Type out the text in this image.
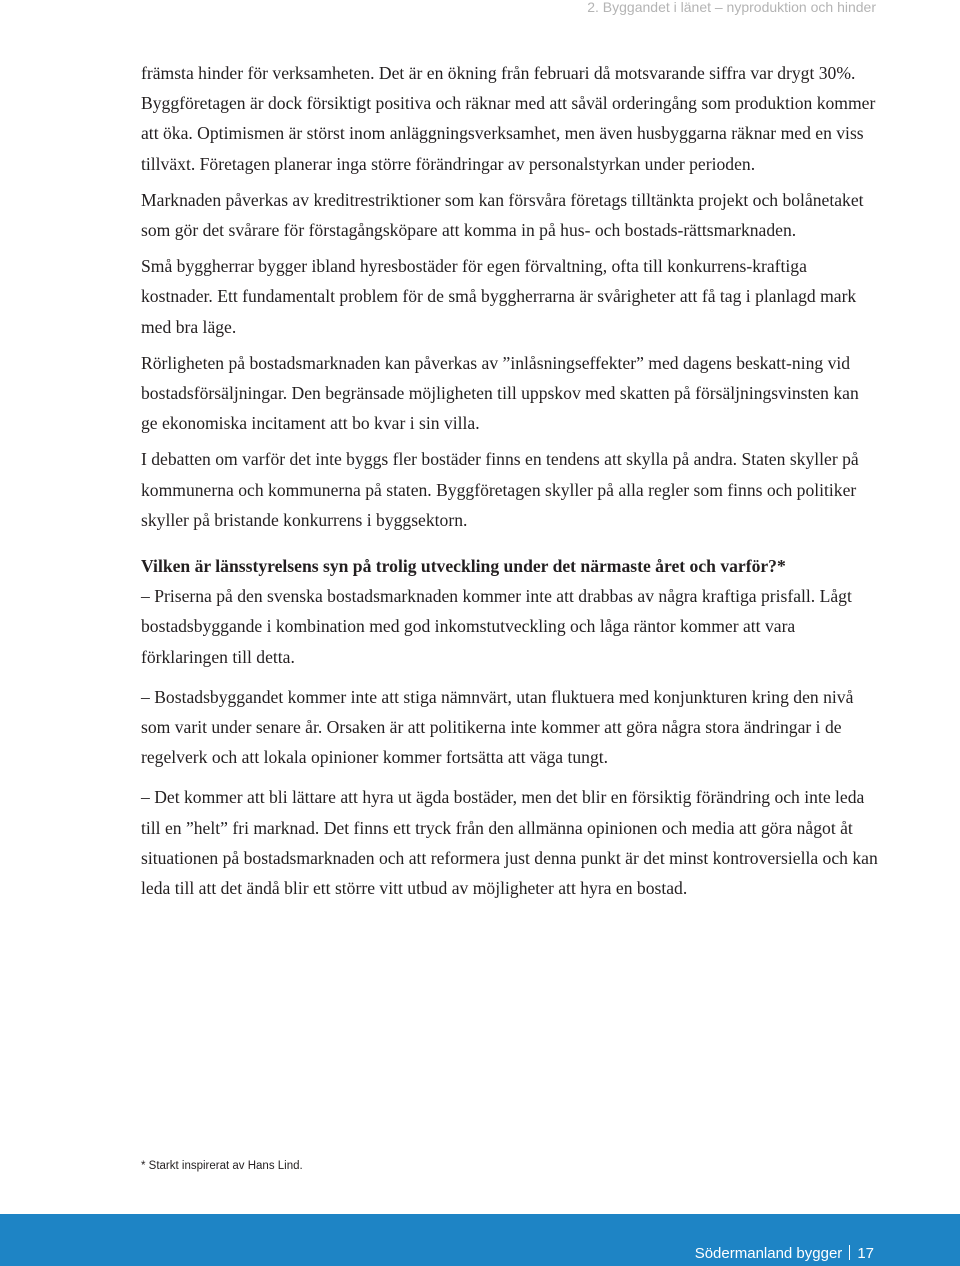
2. Byggandet i länet – nyproduktion och hinder

främsta hinder för verksamheten. Det är en ökning från februari då motsvarande siffra var drygt 30%. Byggföretagen är dock försiktigt positiva och räknar med att såväl orderingång som produktion kommer att öka. Optimismen är störst inom anläggningsverksamhet, men även husbyggarna räknar med en viss tillväxt. Företagen planerar inga större förändringar av personalstyrkan under perioden.

Marknaden påverkas av kreditrestriktioner som kan försvåra företags tilltänkta projekt och bolånetaket som gör det svårare för förstagångsköpare att komma in på hus- och bostads-rättsmarknaden.

Små byggherrar bygger ibland hyresbostäder för egen förvaltning, ofta till konkurrens-kraftiga kostnader. Ett fundamentalt problem för de små byggherrarna är svårigheter att få tag i planlagd mark med bra läge.

Rörligheten på bostadsmarknaden kan påverkas av ”inlåsningseffekter” med dagens beskatt-ning vid bostadsförsäljningar. Den begränsade möjligheten till uppskov med skatten på försäljningsvinsten kan ge ekonomiska incitament att bo kvar i sin villa.

I debatten om varför det inte byggs fler bostäder finns en tendens att skylla på andra. Staten skyller på kommunerna och kommunerna på staten. Byggföretagen skyller på alla regler som finns och politiker skyller på bristande konkurrens i byggsektorn.

Vilken är länsstyrelsens syn på trolig utveckling under det närmaste året och varför?*

– Priserna på den svenska bostadsmarknaden kommer inte att drabbas av några kraftiga prisfall. Lågt bostadsbyggande i kombination med god inkomstutveckling och låga räntor kommer att vara förklaringen till detta.

– Bostadsbyggandet kommer inte att stiga nämnvärt, utan fluktuera med konjunkturen kring den nivå som varit under senare år. Orsaken är att politikerna inte kommer att göra några stora ändringar i de regelverk och att lokala opinioner kommer fortsätta att väga tungt.

– Det kommer att bli lättare att hyra ut ägda bostäder, men det blir en försiktig förändring och inte leda till en ”helt” fri marknad. Det finns ett tryck från den allmänna opinionen och media att göra något åt situationen på bostadsmarknaden och att reformera just denna punkt är det minst kontroversiella och kan leda till att det ändå blir ett större vitt utbud av möjligheter att hyra en bostad.

* Starkt inspirerat av Hans Lind.
Södermanland bygger 17
